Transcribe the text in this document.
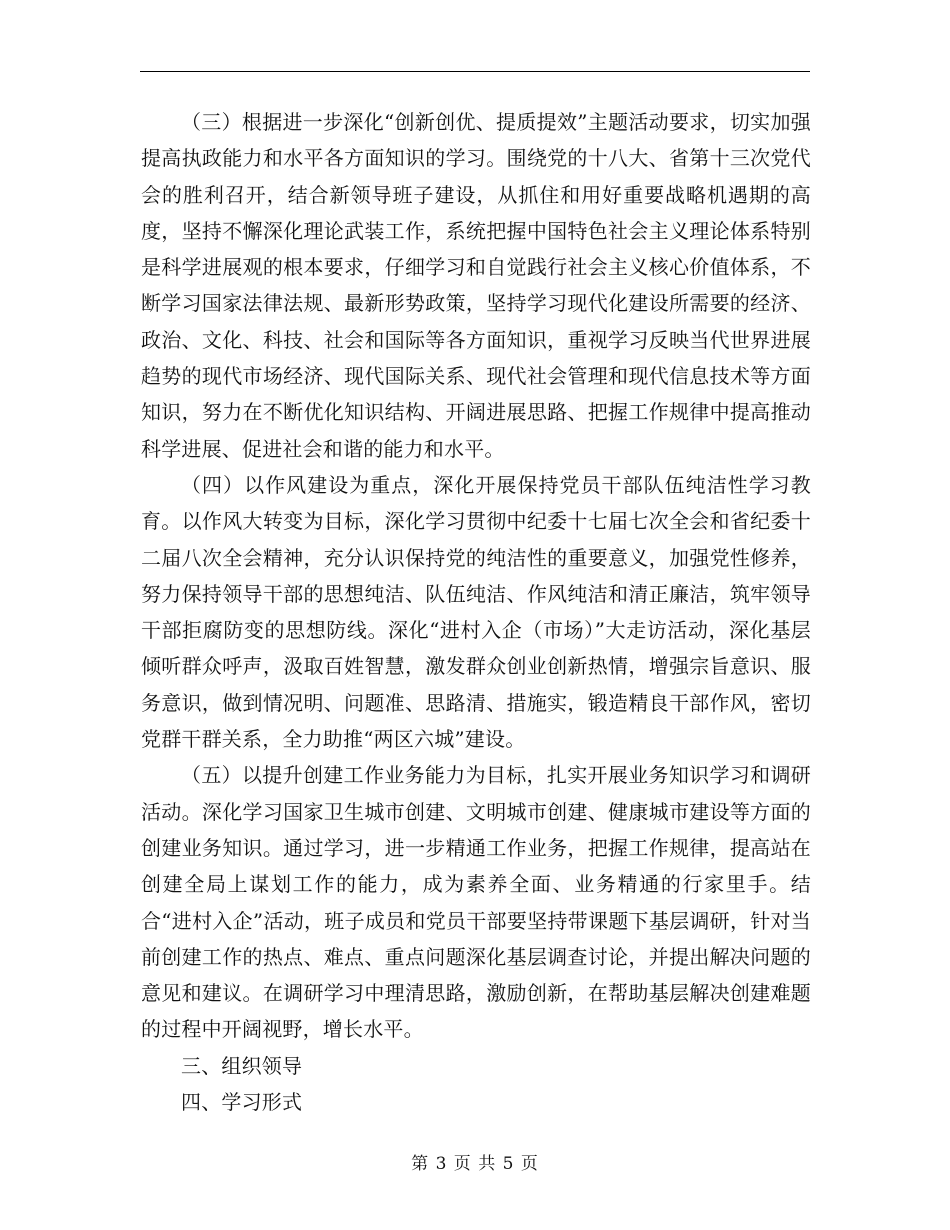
（三）根据进一步深化“创新创优、提质提效”主题活动要求，切实加强提高执政能力和水平各方面知识的学习。围绕党的十八大、省第十三次党代会的胜利召开，结合新领导班子建设，从抓住和用好重要战略机遇期的高度，坚持不懈深化理论武装工作，系统把握中国特色社会主义理论体系特别是科学进展观的根本要求，仔细学习和自觉践行社会主义核心价值体系，不断学习国家法律法规、最新形势政策，坚持学习现代化建设所需要的经济、政治、文化、科技、社会和国际等各方面知识，重视学习反映当代世界进展趋势的现代市场经济、现代国际关系、现代社会管理和现代信息技术等方面知识，努力在不断优化知识结构、开阔进展思路、把握工作规律中提高推动科学进展、促进社会和谐的能力和水平。

（四）以作风建设为重点，深化开展保持党员干部队伍纯洁性学习教育。以作风大转变为目标，深化学习贯彻中纪委十七届七次全会和省纪委十二届八次全会精神，充分认识保持党的纯洁性的重要意义，加强党性修养，努力保持领导干部的思想纯洁、队伍纯洁、作风纯洁和清正廉洁，筑牢领导干部拒腐防变的思想防线。深化“进村入企（市场）”大走访活动，深化基层倾听群众呼声，汲取百姓智慧，激发群众创业创新热情，增强宗旨意识、服务意识，做到情况明、问题准、思路清、措施实，锻造精良干部作风，密切党群干群关系，全力助推“两区六城”建设。

（五）以提升创建工作业务能力为目标，扎实开展业务知识学习和调研活动。深化学习国家卫生城市创建、文明城市创建、健康城市建设等方面的创建业务知识。通过学习，进一步精通工作业务，把握工作规律，提高站在创建全局上谋划工作的能力，成为素养全面、业务精通的行家里手。结合“进村入企”活动，班子成员和党员干部要坚持带课题下基层调研，针对当前创建工作的热点、难点、重点问题深化基层调查讨论，并提出解决问题的意见和建议。在调研学习中理清思路，激励创新，在帮助基层解决创建难题的过程中开阔视野，增长水平。

三、组织领导

四、学习形式

第 3 页 共 5 页
